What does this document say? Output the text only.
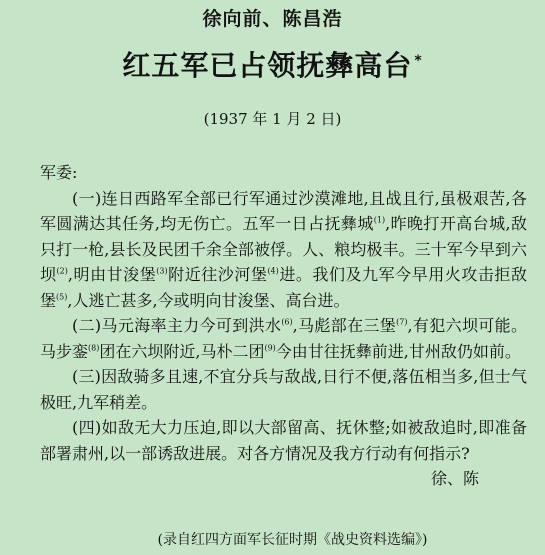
徐向前、陈昌浩
红五军已占领抚彝高台 *
(1937 年 1 月 2 日)

军委:

(一)连日西路军全部已行军通过沙漠滩地,且战且行,虽极艰苦,各军圆满达其任务,均无伤亡。五军一日占抚彝城$^{(1)}$,昨晚打开高台城,敌只打一枪,县长及民团千余全部被俘。人、粮均极丰。三十军今早到六坝$^{(2)}$,明由甘浚堡$^{(3)}$附近往沙河堡$^{(4)}$进。我们及九军今早用火攻击拒敌堡$^{(5)}$,人逃亡甚多,今或明向甘浚堡、高台进。

(二)马元海率主力今可到洪水$^{(6)}$,马彪部在三堡$^{(7)}$,有犯六坝可能。马步銮$^{(8)}$团在六坝附近,马朴二团$^{(9)}$今由甘往抚彝前进,甘州敌仍如前。

(三)因敌骑多且速,不宜分兵与敌战,日行不便,落伍相当多,但士气极旺,九军稍差。

(四)如敌无大力压迫,即以大部留高、抚休整;如被敌追时,即准备部署肃州,以一部诱敌进展。对各方情况及我方行动有何指示?

徐、陈

(录自红四方面军长征时期《战史资料选编》)
